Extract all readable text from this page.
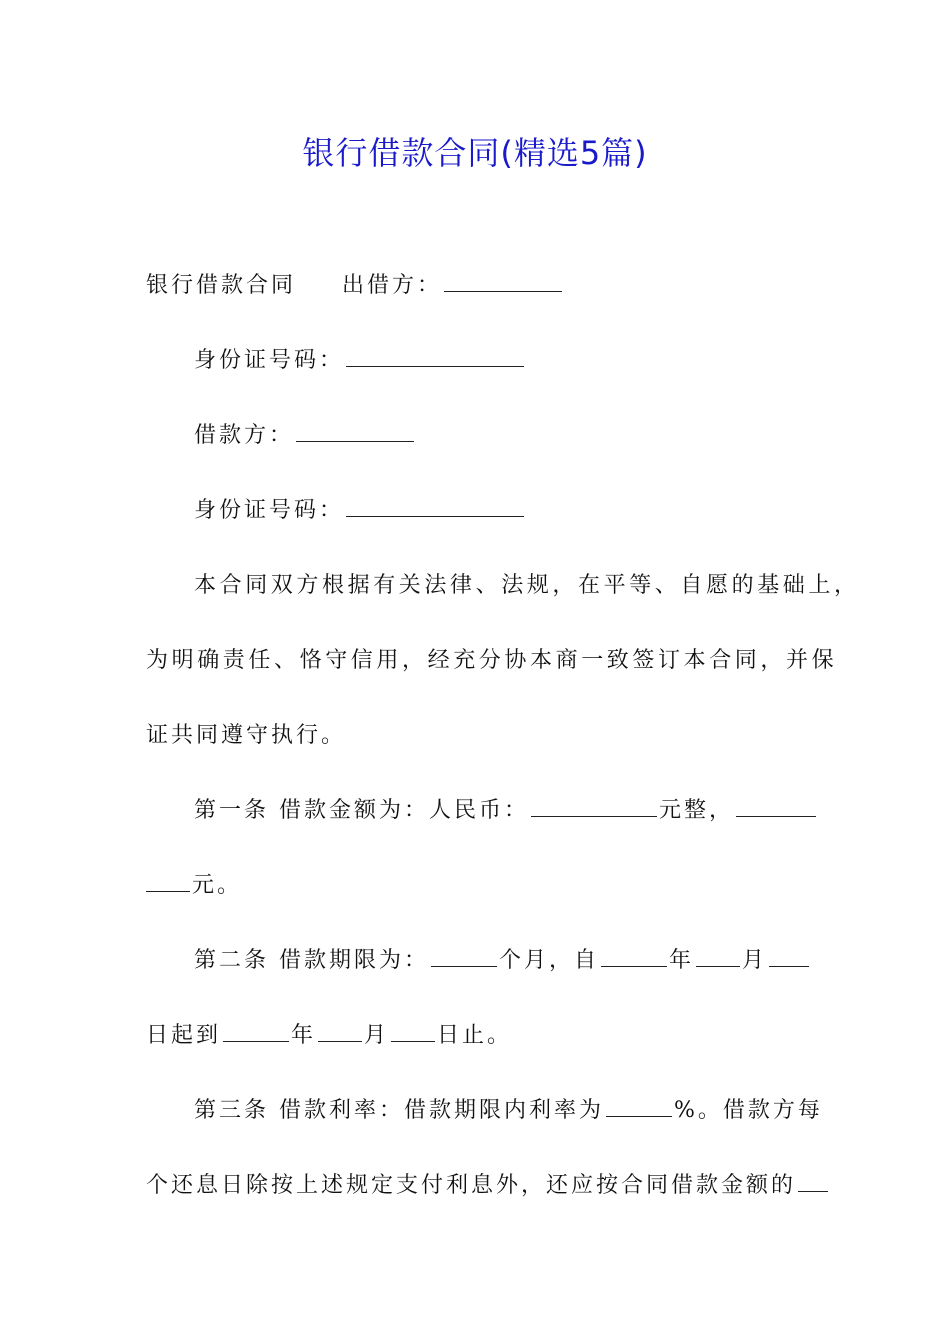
银行借款合同(精选5篇)
银行借款合同 出借方：
身份证号码：
借款方：
身份证号码：
本合同双方根据有关法律、法规，在平等、自愿的基础上，
为明确责任、恪守信用，经充分协本商一致签订本合同，并保
证共同遵守执行。
第一条 借款金额为：人民币：	元整，
元。
第二条 借款期限为：	个月，自	年 月
日起到	年 月 日止。
第三条 借款利率：借款期限内利率为	%。借款方每
个还息日除按上述规定支付利息外，还应按合同借款金额的
